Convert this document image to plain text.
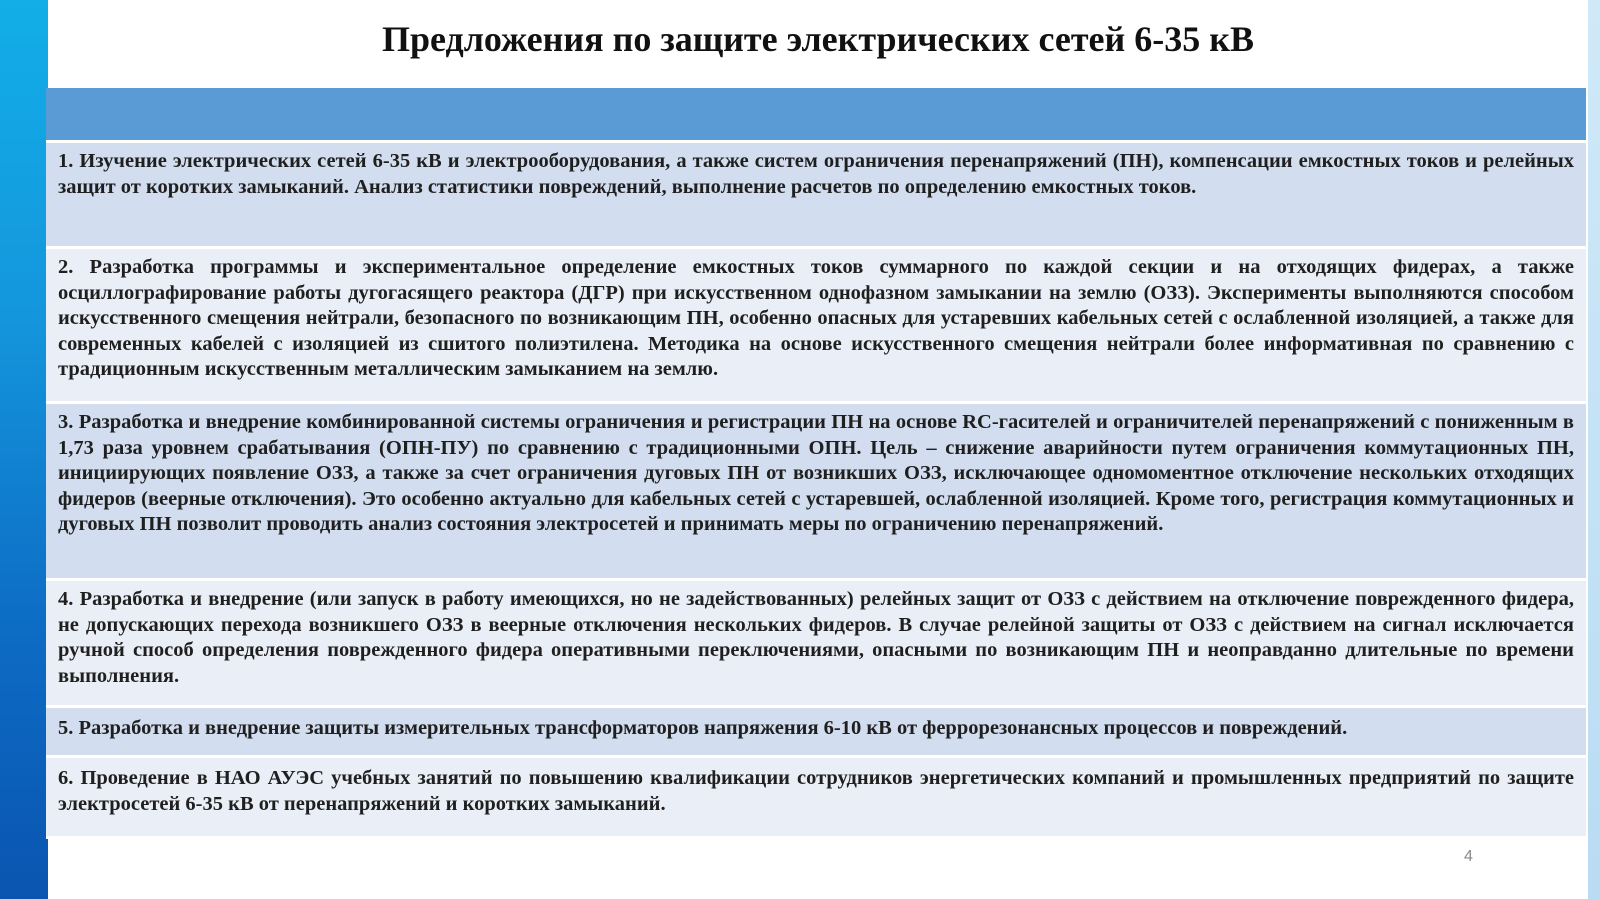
Предложения по защите электрических сетей 6-35 кВ
1. Изучение электрических сетей 6-35 кВ и электрооборудования, а также систем ограничения перенапряжений (ПН), компенсации емкостных токов и релейных защит от коротких замыканий. Анализ статистики повреждений, выполнение расчетов по определению емкостных токов.
2. Разработка программы и экспериментальное определение емкостных токов суммарного по каждой секции и на отходящих фидерах, а также осциллографирование работы дугогасящего реактора (ДГР) при искусственном однофазном замыкании на землю (ОЗЗ). Эксперименты выполняются способом искусственного смещения нейтрали, безопасного по возникающим ПН, особенно опасных для устаревших кабельных сетей с ослабленной изоляцией, а также для современных кабелей с изоляцией из сшитого полиэтилена. Методика на основе искусственного смещения нейтрали более информативная по сравнению с традиционным искусственным металлическим замыканием на землю.
3. Разработка и внедрение комбинированной системы ограничения и регистрации ПН на основе RC-гасителей и ограничителей перенапряжений с пониженным в 1,73 раза уровнем срабатывания (ОПН-ПУ) по сравнению с традиционными ОПН. Цель – снижение аварийности путем ограничения коммутационных ПН, инициирующих появление ОЗЗ, а также за счет ограничения дуговых ПН от возникших ОЗЗ, исключающее одномоментное отключение нескольких отходящих фидеров (веерные отключения). Это особенно актуально для кабельных сетей с устаревшей, ослабленной изоляцией. Кроме того, регистрация коммутационных и дуговых ПН позволит проводить анализ состояния электросетей и принимать меры по ограничению перенапряжений.
4. Разработка и внедрение (или запуск в работу имеющихся, но не задействованных) релейных защит от ОЗЗ с действием на отключение поврежденного фидера, не допускающих перехода возникшего ОЗЗ в веерные отключения нескольких фидеров. В случае релейной защиты от ОЗЗ с действием на сигнал исключается ручной способ определения поврежденного фидера оперативными переключениями, опасными по возникающим ПН и неоправданно длительные по времени выполнения.
5. Разработка и внедрение защиты измерительных трансформаторов напряжения 6-10 кВ от феррорезонансных процессов и повреждений.
6. Проведение в НАО АУЭС учебных занятий по повышению квалификации сотрудников энергетических компаний и промышленных предприятий по защите электросетей 6-35 кВ от перенапряжений и коротких замыканий.
4
